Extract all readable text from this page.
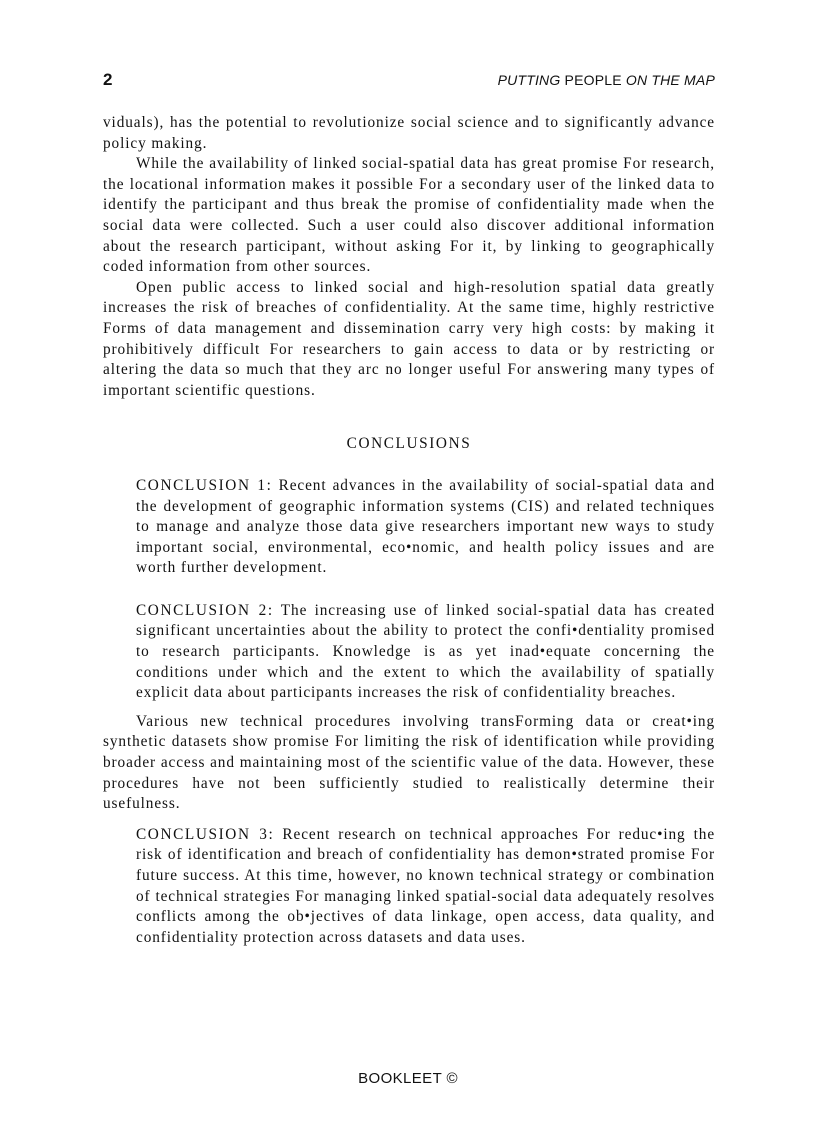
2	PUTTING PEOPLE ON THE MAP

viduals), has the potential to revolutionize social science and to significantly advance policy making.

While the availability of linked social-spatial data has great promise For research, the locational information makes it possible For a secondary user of the linked data to identify the participant and thus break the promise of confidentiality made when the social data were collected. Such a user could also discover additional information about the research participant, without asking For it, by linking to geographically coded information from other sources.

Open public access to linked social and high-resolution spatial data greatly increases the risk of breaches of confidentiality. At the same time, highly restrictive Forms of data management and dissemination carry very high costs: by making it prohibitively difficult For researchers to gain access to data or by restricting or altering the data so much that they arc no longer useful For answering many types of important scientific questions.

CONCLUSIONS

CONCLUSION 1: Recent advances in the availability of social-spatial data and the development of geographic information systems (CIS) and related techniques to manage and analyze those data give researchers important new ways to study important social, environmental, eco•nomic, and health policy issues and are worth further development.

CONCLUSION 2: The increasing use of linked social-spatial data has created significant uncertainties about the ability to protect the confi•dentiality promised to research participants. Knowledge is as yet inad•equate concerning the conditions under which and the extent to which the availability of spatially explicit data about participants increases the risk of confidentiality breaches.

Various new technical procedures involving transForming data or creat•ing synthetic datasets show promise For limiting the risk of identification while providing broader access and maintaining most of the scientific value of the data. However, these procedures have not been sufficiently studied to realistically determine their usefulness.

CONCLUSION 3: Recent research on technical approaches For reduc•ing the risk of identification and breach of confidentiality has demon•strated promise For future success. At this time, however, no known technical strategy or combination of technical strategies For managing linked spatial-social data adequately resolves conflicts among the ob•jectives of data linkage, open access, data quality, and confidentiality protection across datasets and data uses.

BOOKLEET ©
